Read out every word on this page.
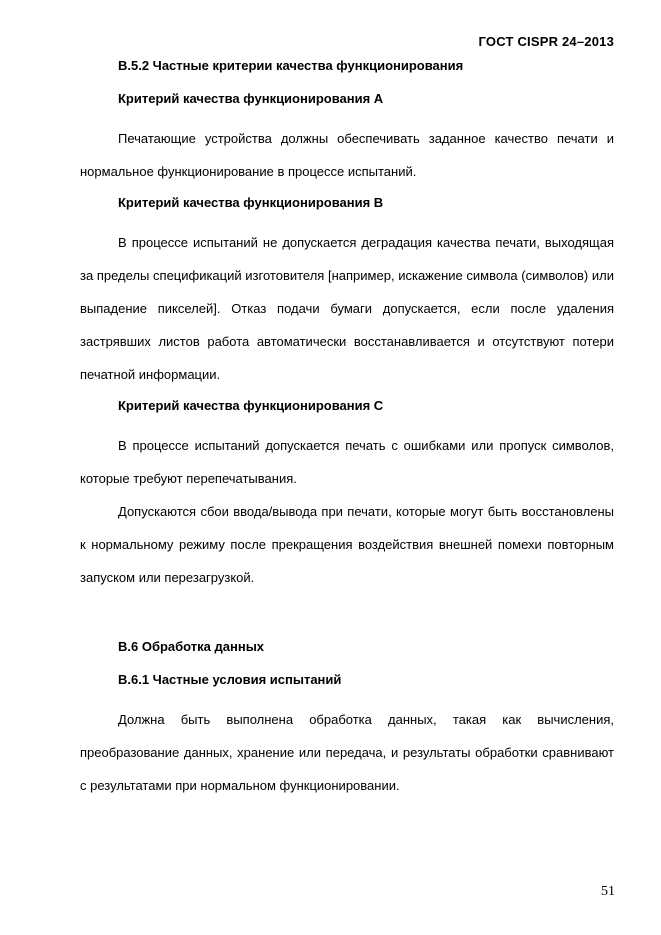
ГОСТ CISPR 24–2013
В.5.2 Частные критерии качества функционирования
Критерий качества функционирования А

Печатающие устройства должны обеспечивать заданное качество печати и нормальное функционирование в процессе испытаний.

Критерий качества функционирования В

В процессе испытаний не допускается деградация качества печати, выходящая за пределы спецификаций изготовителя [например, искажение символа (символов) или выпадение пикселей]. Отказ подачи бумаги допускается, если после удаления застрявших листов работа автоматически восстанавливается и отсутствуют потери печатной информации.

Критерий качества функционирования С

В процессе испытаний допускается печать с ошибками или пропуск символов, которые требуют перепечатывания.

Допускаются сбои ввода/вывода при печати, которые могут быть восстановлены к нормальному режиму после прекращения воздействия внешней помехи повторным запуском или перезагрузкой.

В.6 Обработка данных
В.6.1 Частные условия испытаний

Должна быть выполнена обработка данных, такая как вычисления, преобразование данных, хранение или передача, и результаты обработки сравнивают с результатами при нормальном функционировании.

51
